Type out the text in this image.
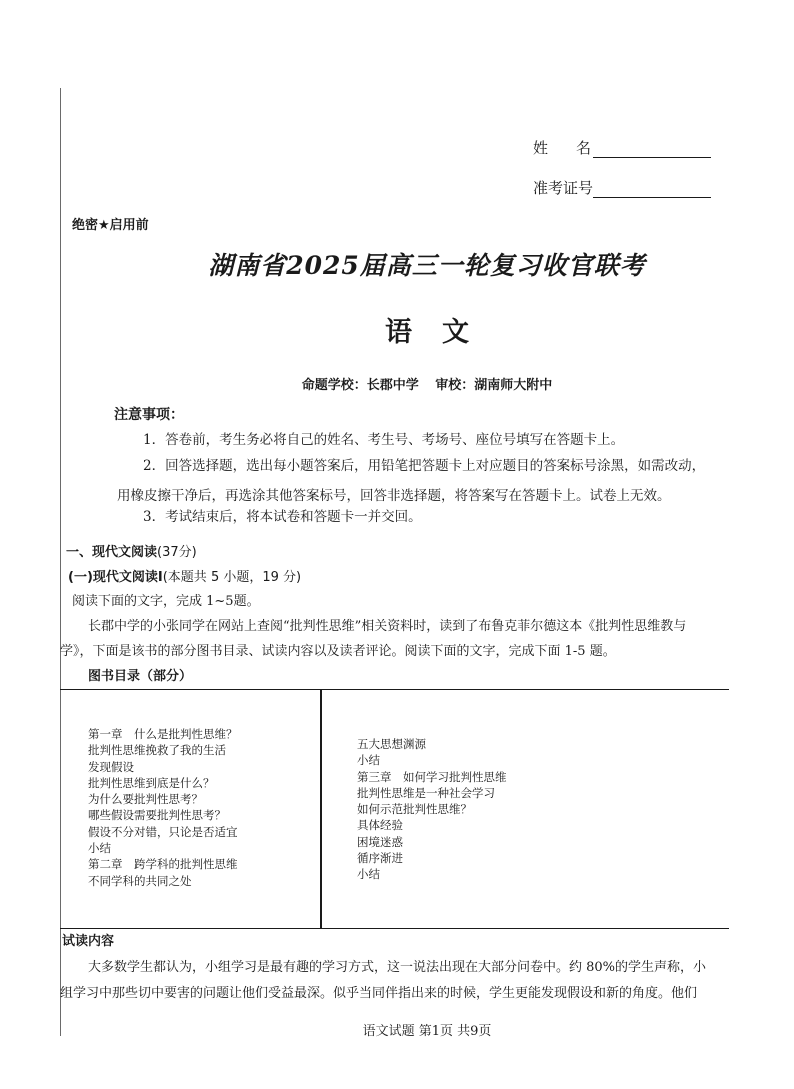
姓名
准考证号
绝密★启用前
湖南省2025届高三一轮复习收官联考
语文
命题学校：长郡中学 审校：湖南师大附中
注意事项：
1．答卷前，考生务必将自己的姓名、考生号、考场号、座位号填写在答题卡上。
2．回答选择题，选出每小题答案后，用铅笔把答题卡上对应题目的答案标号涂黑，如需改动，
用橡皮擦干净后，再选涂其他答案标号，回答非选择题，将答案写在答题卡上。试卷上无效。
3．考试结束后，将本试卷和答题卡一并交回。
一、现代文阅读(37分)
(一)现代文阅读Ⅰ(本题共 5 小题，19 分)
阅读下面的文字，完成 1~5题。
长郡中学的小张同学在网站上查阅“批判性思维”相关资料时，读到了布鲁克菲尔德这本《批判性思维教与
学》，下面是该书的部分图书目录、试读内容以及读者评论。阅读下面的文字，完成下面 1-5 题。
图书目录（部分）
第一章　什么是批判性思维？
批判性思维挽救了我的生活
发现假设
批判性思维到底是什么？
为什么要批判性思考？
哪些假设需要批判性思考？
假设不分对错，只论是否适宜
小结
第二章　跨学科的批判性思维
不同学科的共同之处
五大思想渊源
小结
第三章　如何学习批判性思维
批判性思维是一种社会学习
如何示范批判性思维？
具体经验
困境迷惑
循序渐进
小结
试读内容
大多数学生都认为，小组学习是最有趣的学习方式，这一说法出现在大部分问卷中。约 80%的学生声称，小
组学习中那些切中要害的问题让他们受益最深。似乎当同伴指出来的时候，学生更能发现假设和新的角度。他们
语文试题 第1页 共9页
